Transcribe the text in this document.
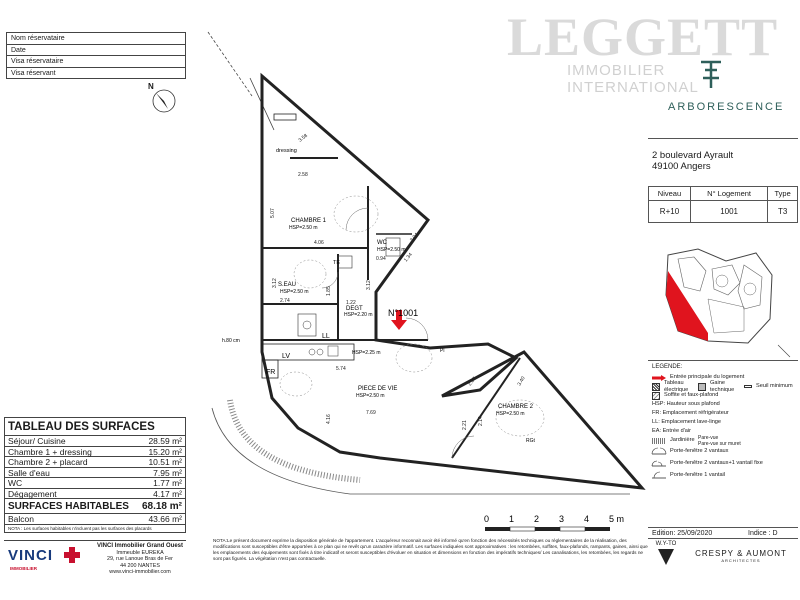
Nom réservataire
Date
Visa réservataire
Visa réservant
N
LEGGETT
IMMOBILIER INTERNATIONAL
ARBORESCENCE
2 boulevard Ayrault
49100 Angers
Niveau	N° Logement	Type
R+10	1001	T3
LEGENDE:
Entrée principale du logement
Tableau électrique
Gaine technique
Seuil minimum
Soffite et faux-plafond
HSP: Hauteur sous plafond
FR: Emplacement réfrigérateur
LL: Emplacement lave-linge
EA: Entrée d'air
Jardinière Pare-vue
Pare-vue sur muret
Porte-fenêtre 2 vantaux
Porte-fenêtre 2 vantaux+1 vantail fixe
Porte-fenêtre 1 vantail
Edition: 25/09/2020	Indice : D
CHAMBRE 1
HSP=2.50 m
S.EAU
HSP=2.50 m
DEGT
HSP=2.20 m
WC
HSP=2.50 m
PIECE DE VIE
HSP=2.50 m
CHAMBRE 2
HSP=2.50 m
N°1001
dressing
TE
LL
LV
FR
Pl
RGt
HSP=2.25 m
h.80 cm
3.58
2.58
5.07
4.06
3.12
2.74
1.85
1.22
3.12
1.34
2.04
0.94
5.74
4.16
7.69
2.27	3.40
2.21 2.14
TABLEAU DES SURFACES
Séjour/ Cuisine	28.59 m²
Chambre 1 + dressing	15.20 m²
Chambre 2 + placard	10.51 m²
Salle d'eau	7.95 m²
WC	1.77 m²
Dégagement	4.17 m²
SURFACES HABITABLES 68.18 m²
Balcon	43.66 m²
NOTA : Les surfaces habitables n'incluent pas les surfaces des placards
0 1 2 3 4 5 m
VINCI
IMMOBILIER
VINCI Immobilier Grand Ouest
Immeuble EUREKA
29, rue Lanoue Bras de Fer
44 200 NANTES
www.vinci-immobilier.com
NOTA:Le présent document exprime la disposition générale de l'appartement. L'acquéreur reconnait avoir été informé qu'en fonction des nécessités techniques ou réglementaires de la réalisation, des modifications sont susceptibles d'être apportées à ce plan qui ne revêt qu'un caractère informatif. Les surfaces indiquées sont approximatives : les retombées, soffites, faux-plafonds, rampants, gaines, ainsi que les emplacements des équipements sont fixés à titre indicatif et seront susceptibles d'évoluer en situation et dimensions en fonction des impératifs techniques/ Les canalisations, les retombées, les regards ne sont pas figurés. La végétation n'est pas contractuelle.
W.Y-TO
CRESPY & AUMONT
ARCHITECTES
